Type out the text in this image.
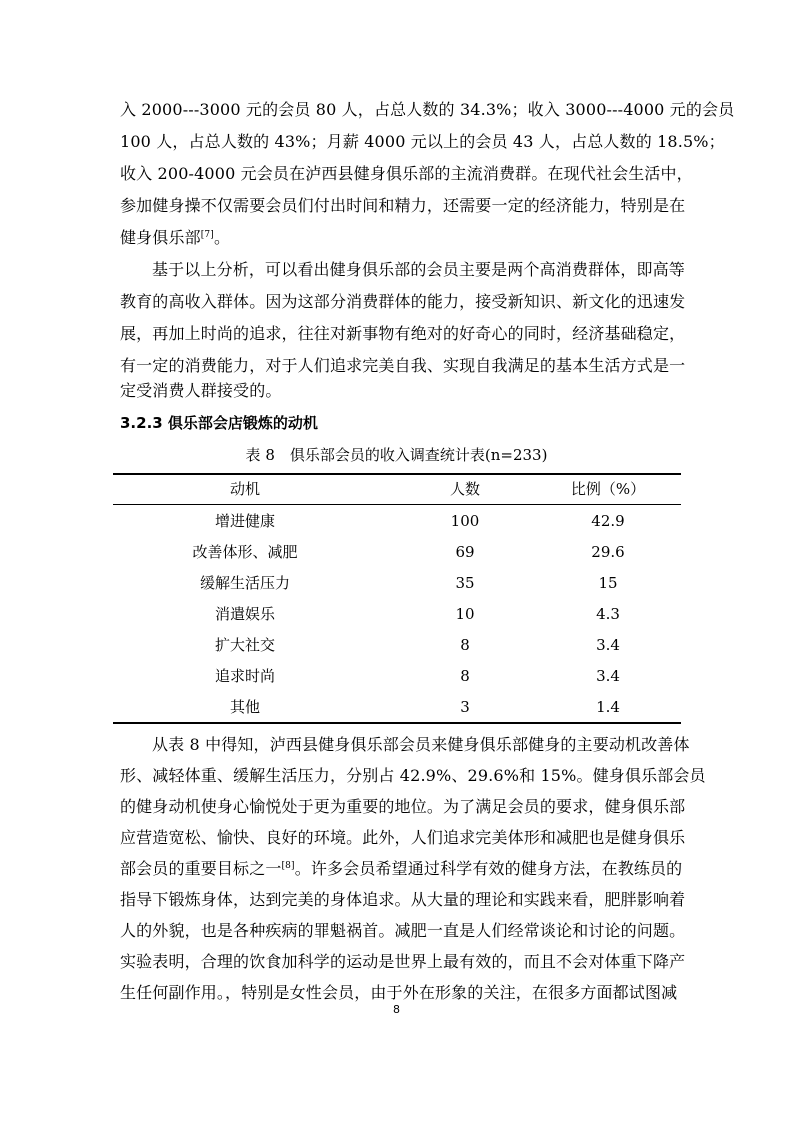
入 2000---3000 元的会员 80 人，占总人数的 34.3%；收入 3000---4000 元的会员
100 人，占总人数的 43%；月薪 4000 元以上的会员 43 人，占总人数的 18.5%；
收入 200-4000 元会员在泸西县健身俱乐部的主流消费群。在现代社会生活中，
参加健身操不仅需要会员们付出时间和精力，还需要一定的经济能力，特别是在
健身俱乐部[7]。
基于以上分析，可以看出健身俱乐部的会员主要是两个高消费群体，即高等
教育的高收入群体。因为这部分消费群体的能力，接受新知识、新文化的迅速发
展，再加上时尚的追求，往往对新事物有绝对的好奇心的同时，经济基础稳定，
有一定的消费能力，对于人们追求完美自我、实现自我满足的基本生活方式是一
定受消费人群接受的。
3.2.3 俱乐部会店锻炼的动机
表 8　俱乐部会员的收入调查统计表(n=233)
动机	人数	比例（%）
增进健康	100	42.9
改善体形、减肥	69	29.6
缓解生活压力	35	15
消遣娱乐	10	4.3
扩大社交	8	3.4
追求时尚	8	3.4
其他	3	1.4
从表 8 中得知，泸西县健身俱乐部会员来健身俱乐部健身的主要动机改善体
形、减轻体重、缓解生活压力，分别占 42.9%、29.6%和 15%。健身俱乐部会员
的健身动机使身心愉悦处于更为重要的地位。为了满足会员的要求，健身俱乐部
应营造宽松、愉快、良好的环境。此外，人们追求完美体形和减肥也是健身俱乐
部会员的重要目标之一[8]。许多会员希望通过科学有效的健身方法，在教练员的
指导下锻炼身体，达到完美的身体追求。从大量的理论和实践来看，肥胖影响着
人的外貌，也是各种疾病的罪魁祸首。减肥一直是人们经常谈论和讨论的问题。
实验表明，合理的饮食加科学的运动是世界上最有效的，而且不会对体重下降产
生任何副作用。，特别是女性会员，由于外在形象的关注，在很多方面都试图减
8
